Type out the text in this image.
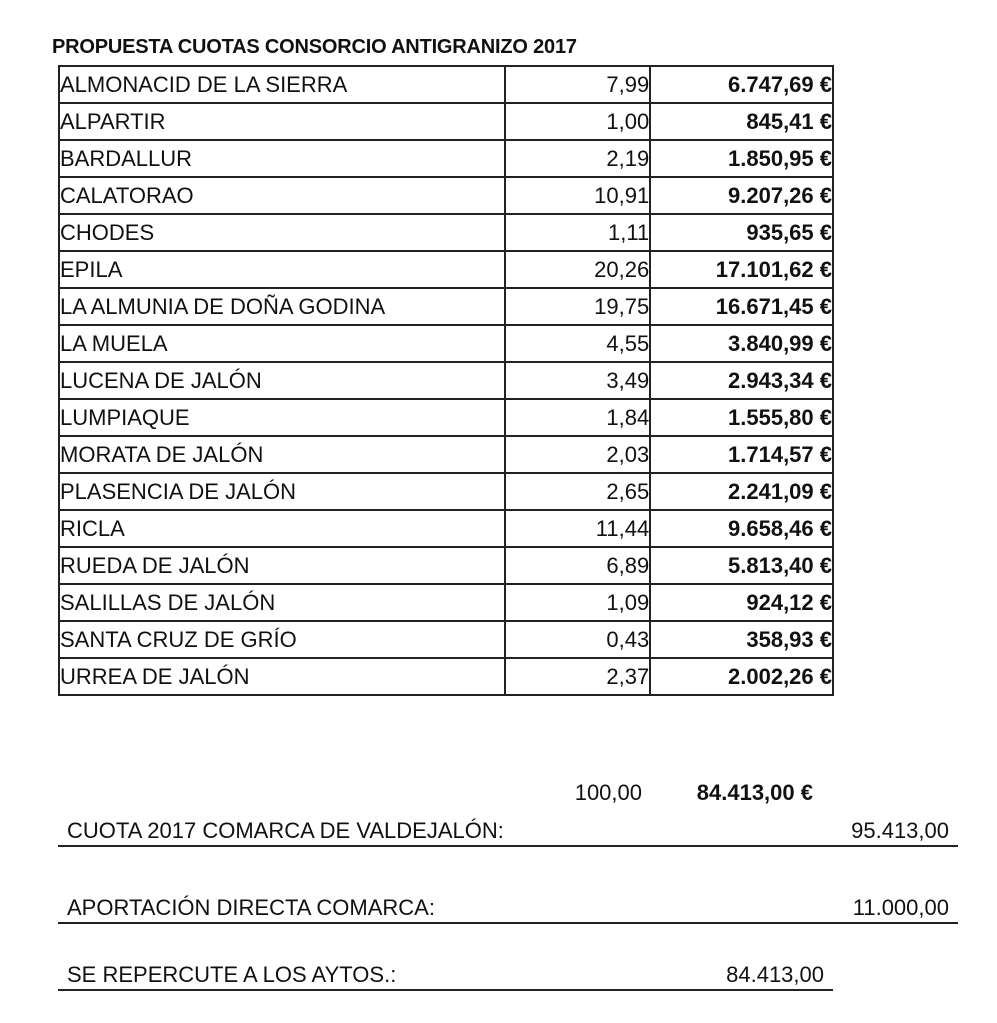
PROPUESTA CUOTAS CONSORCIO ANTIGRANIZO 2017
ALMONACID DE LA SIERRA	7,99	6.747,69 €
ALPARTIR	1,00	845,41 €
BARDALLUR	2,19	1.850,95 €
CALATORAO	10,91	9.207,26 €
CHODES	1,11	935,65 €
EPILA	20,26	17.101,62 €
LA ALMUNIA DE DOÑA GODINA	19,75	16.671,45 €
LA MUELA	4,55	3.840,99 €
LUCENA DE JALÓN	3,49	2.943,34 €
LUMPIAQUE	1,84	1.555,80 €
MORATA DE JALÓN	2,03	1.714,57 €
PLASENCIA DE JALÓN	2,65	2.241,09 €
RICLA	11,44	9.658,46 €
RUEDA DE JALÓN	6,89	5.813,40 €
SALILLAS DE JALÓN	1,09	924,12 €
SANTA CRUZ DE GRÍO	0,43	358,93 €
URREA DE JALÓN	2,37	2.002,26 €
100,00 84.413,00 €
CUOTA 2017 COMARCA DE VALDEJALÓN:	95.413,00
APORTACIÓN DIRECTA COMARCA:	11.000,00
SE REPERCUTE A LOS AYTOS.:	84.413,00
